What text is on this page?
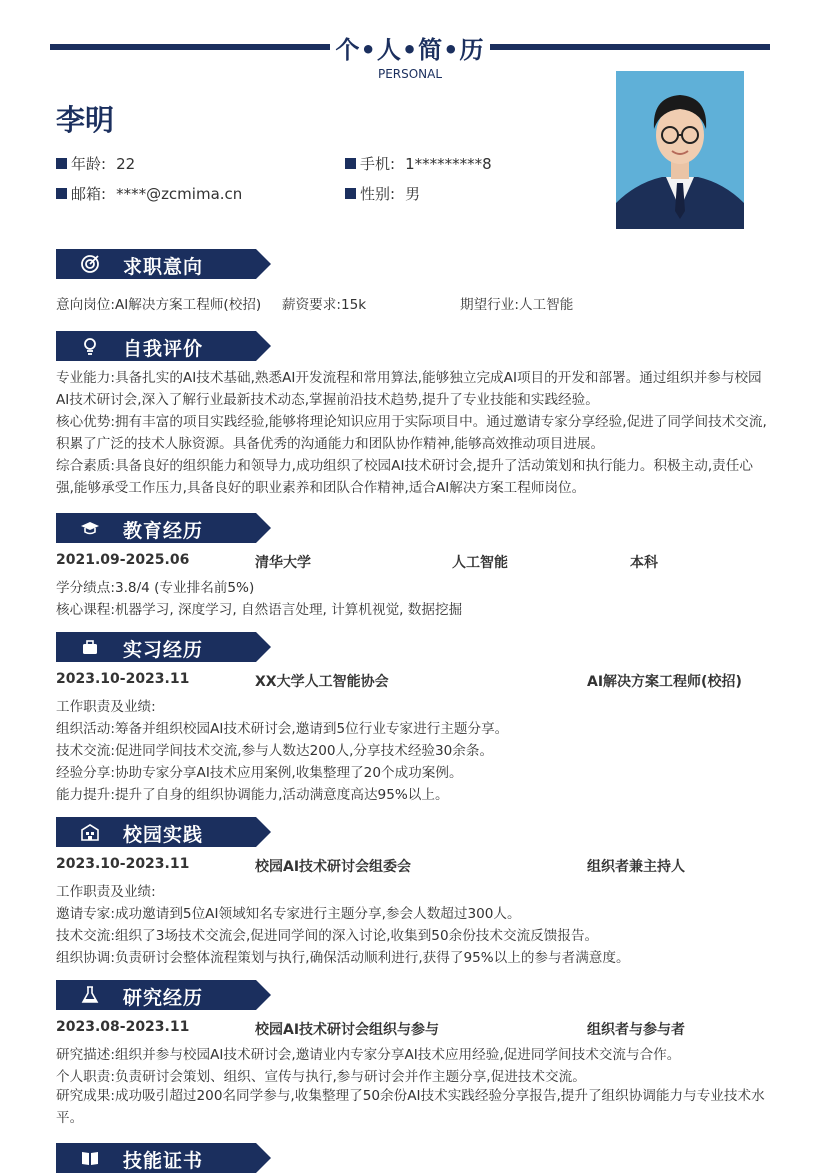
个•人•简•历
PERSONAL
李明
年龄: 22	手机: 1*********8
邮箱: ****@zcmima.cn	性别: 男
求职意向
意向岗位:AI解决方案工程师(校招) 薪资要求:15k	期望行业:人工智能
自我评价
专业能力:具备扎实的AI技术基础,熟悉AI开发流程和常用算法,能够独立完成AI项目的开发和部署。通过组织并参与校园AI技术研讨会,深入了解行业最新技术动态,掌握前沿技术趋势,提升了专业技能和实践经验。
核心优势:拥有丰富的项目实践经验,能够将理论知识应用于实际项目中。通过邀请专家分享经验,促进了同学间技术交流,积累了广泛的技术人脉资源。具备优秀的沟通能力和团队协作精神,能够高效推动项目进展。
综合素质:具备良好的组织能力和领导力,成功组织了校园AI技术研讨会,提升了活动策划和执行能力。积极主动,责任心强,能够承受工作压力,具备良好的职业素养和团队合作精神,适合AI解决方案工程师岗位。
教育经历
2021.09-2025.06	清华大学	人工智能	本科
学分绩点:3.8/4 (专业排名前5%)
核心课程:机器学习, 深度学习, 自然语言处理, 计算机视觉, 数据挖掘
实习经历
2023.10-2023.11	XX大学人工智能协会	AI解决方案工程师(校招)
工作职责及业绩:
组织活动:筹备并组织校园AI技术研讨会,邀请到5位行业专家进行主题分享。
技术交流:促进同学间技术交流,参与人数达200人,分享技术经验30余条。
经验分享:协助专家分享AI技术应用案例,收集整理了20个成功案例。
能力提升:提升了自身的组织协调能力,活动满意度高达95%以上。
校园实践
2023.10-2023.11	校园AI技术研讨会组委会	组织者兼主持人
工作职责及业绩:
邀请专家:成功邀请到5位AI领域知名专家进行主题分享,参会人数超过300人。
技术交流:组织了3场技术交流会,促进同学间的深入讨论,收集到50余份技术交流反馈报告。
组织协调:负责研讨会整体流程策划与执行,确保活动顺利进行,获得了95%以上的参与者满意度。
研究经历
2023.08-2023.11	校园AI技术研讨会组织与参与	组织者与参与者
研究描述:组织并参与校园AI技术研讨会,邀请业内专家分享AI技术应用经验,促进同学间技术交流与合作。
个人职责:负责研讨会策划、组织、宣传与执行,参与研讨会并作主题分享,促进技术交流。
研究成果:成功吸引超过200名同学参与,收集整理了50余份AI技术实践经验分享报告,提升了组织协调能力与专业技术水平。
技能证书
